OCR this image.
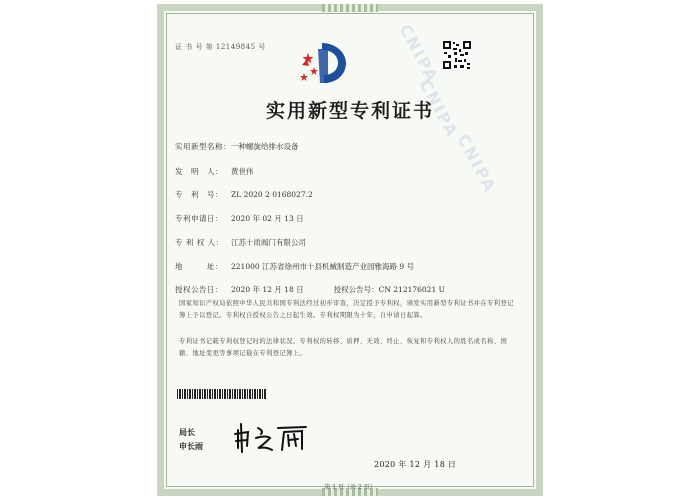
CNIPA
CNIPA
CNIPA
证 书 号 第 12149845 号
实用新型专利证书
实用新型名称：一种螺旋给排水设备
发　明　人： 黄世伟
专　利　号： ZL 2020 2 0168027.2
专利申请日： 2020 年 02 月 13 日
专 利 权 人： 江苏十质阀门有限公司
地　　　址： 221000 江苏省徐州市十县机械制造产业园雅海路 9 号
授权公告日： 2020 年 12 月 18 日　　　　授权公告号：CN 212176021 U
国家知识产权局依照中华人民共和国专利法经过初步审查，决定授予专利权，颁发实用新型专利证书并在专利登记簿上予以登记。专利权自授权公告之日起生效。专利权期限为十年，自申请日起算。
专利证书记载专利权登记时的法律状况。专利权的转移、质押、无效、终止、恢复和专利权人的姓名或名称、国籍、地址变更等事项记载在专利登记簿上。
局长
申长雨
2020 年 12 月 18 日
第 1 页（共 2 页）
